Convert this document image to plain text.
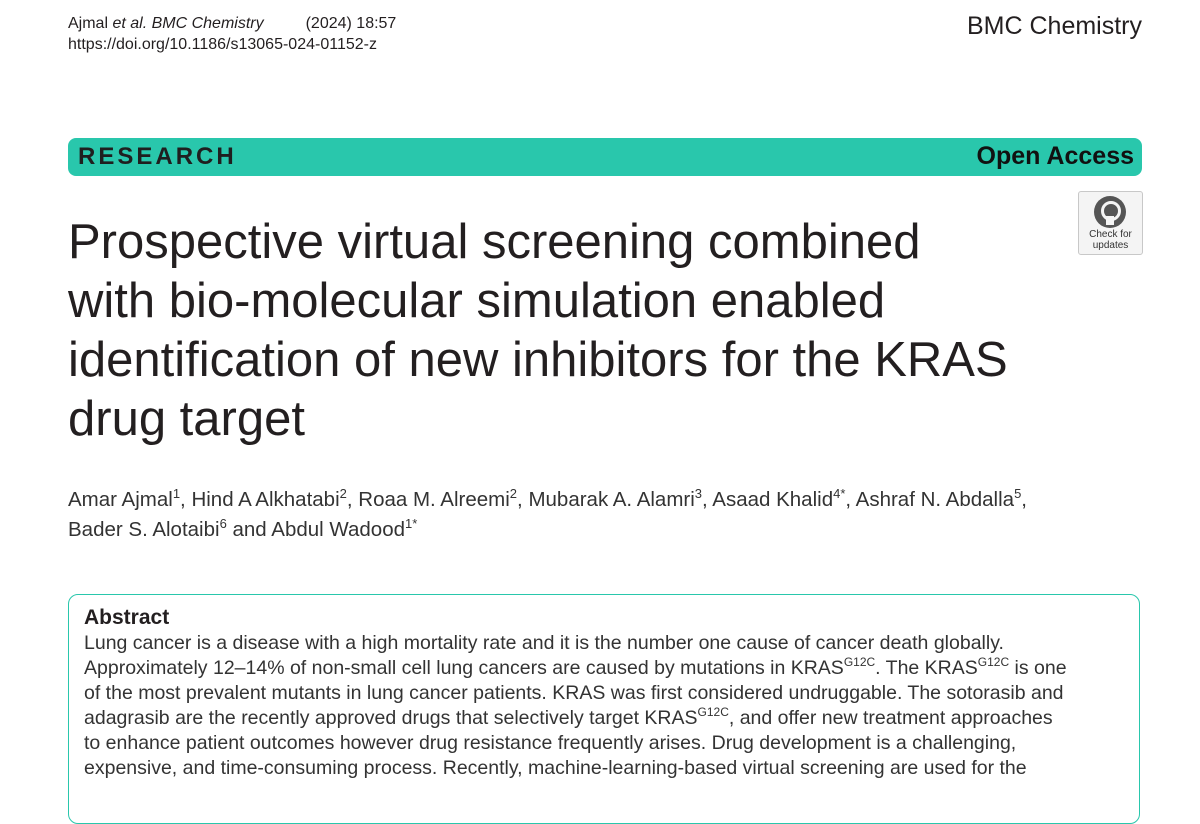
Ajmal et al. BMC Chemistry	(2024) 18:57
https://doi.org/10.1186/s13065-024-01152-z
BMC Chemistry
RESEARCH	Open Access
Check for
updates
Prospective virtual screening combined
with bio-molecular simulation enabled
identification of new inhibitors for the KRAS
drug target
Amar Ajmal$^1$, Hind A Alkhatabi$^2$, Roaa M. Alreemi$^2$, Mubarak A. Alamri$^3$, Asaad Khalid$^{4*}$, Ashraf N. Abdalla$^5$,
Bader S. Alotaibi$^6$ and Abdul Wadood$^{1*}$
Abstract
Lung cancer is a disease with a high mortality rate and it is the number one cause of cancer death globally.
Approximately 12–14% of non-small cell lung cancers are caused by mutations in $KRAS^{G12C}$. The $KRAS^{G12C}$ is one
of the most prevalent mutants in lung cancer patients. KRAS was first considered undruggable. The sotorasib and
adagrasib are the recently approved drugs that selectively target $KRAS^{G12C}$, and offer new treatment approaches
to enhance patient outcomes however drug resistance frequently arises. Drug development is a challenging,
expensive, and time-consuming process. Recently, machine-learning-based virtual screening are used for the
